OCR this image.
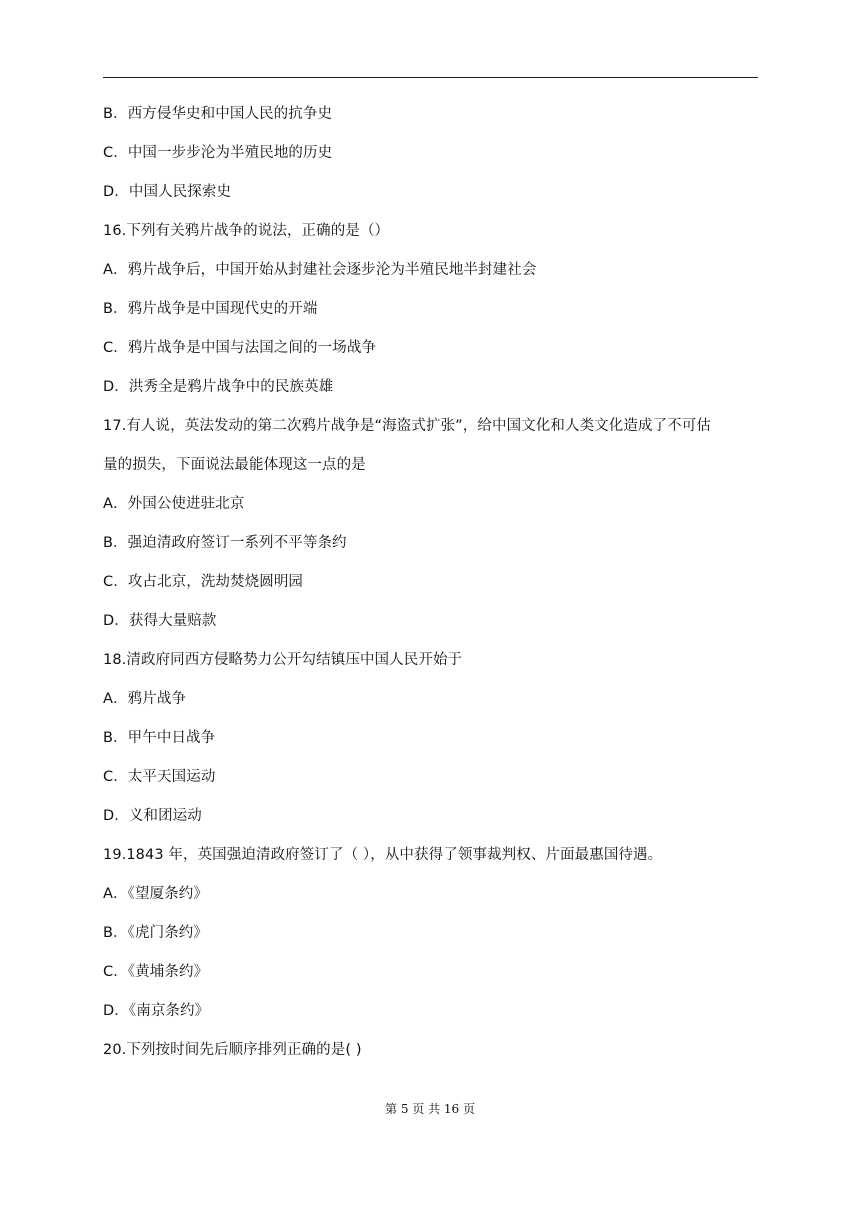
B．西方侵华史和中国人民的抗争史
C．中国一步步沦为半殖民地的历史
D．中国人民探索史
16.下列有关鸦片战争的说法，正确的是（）
A．鸦片战争后，中国开始从封建社会逐步沦为半殖民地半封建社会
B．鸦片战争是中国现代史的开端
C．鸦片战争是中国与法国之间的一场战争
D．洪秀全是鸦片战争中的民族英雄
17.有人说，英法发动的第二次鸦片战争是“海盗式扩张”，给中国文化和人类文化造成了不可估
量的损失，下面说法最能体现这一点的是
A．外国公使进驻北京
B．强迫清政府签订一系列不平等条约
C．攻占北京，洗劫焚烧圆明园
D．获得大量赔款
18.清政府同西方侵略势力公开勾结镇压中国人民开始于
A．鸦片战争
B．甲午中日战争
C．太平天国运动
D．义和团运动
19.1843 年，英国强迫清政府签订了（ ），从中获得了领事裁判权、片面最惠国待遇。
A．《望厦条约》
B．《虎门条约》
C．《黄埔条约》
D．《南京条约》
20.下列按时间先后顺序排列正确的是( )
第 5 页 共 16 页
